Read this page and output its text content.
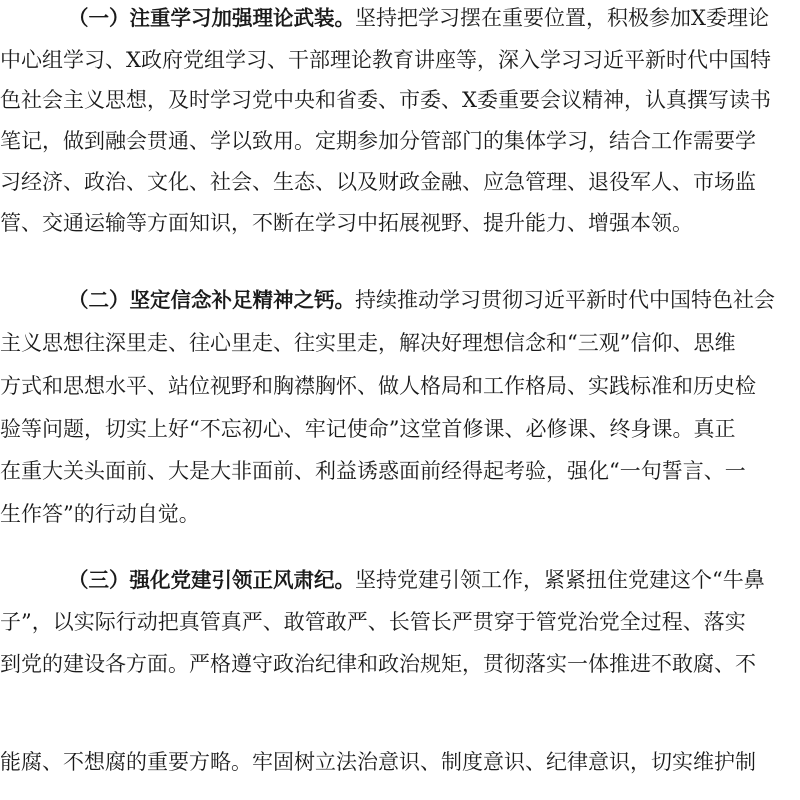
（一）注重学习加强理论武装。坚持把学习摆在重要位置，积极参加X委理论
中心组学习、X政府党组学习、干部理论教育讲座等，深入学习习近平新时代中国特
色社会主义思想，及时学习党中央和省委、市委、X委重要会议精神，认真撰写读书
笔记，做到融会贯通、学以致用。定期参加分管部门的集体学习，结合工作需要学
习经济、政治、文化、社会、生态、以及财政金融、应急管理、退役军人、市场监
管、交通运输等方面知识，不断在学习中拓展视野、提升能力、增强本领。
（二）坚定信念补足精神之钙。持续推动学习贯彻习近平新时代中国特色社会
主义思想往深里走、往心里走、往实里走，解决好理想信念和“三观”信仰、思维
方式和思想水平、站位视野和胸襟胸怀、做人格局和工作格局、实践标准和历史检
验等问题，切实上好“不忘初心、牢记使命”这堂首修课、必修课、终身课。真正
在重大关头面前、大是大非面前、利益诱惑面前经得起考验，强化“一句誓言、一
生作答”的行动自觉。
（三）强化党建引领正风肃纪。坚持党建引领工作，紧紧扭住党建这个“牛鼻
子”，以实际行动把真管真严、敢管敢严、长管长严贯穿于管党治党全过程、落实
到党的建设各方面。严格遵守政治纪律和政治规矩，贯彻落实一体推进不敢腐、不
能腐、不想腐的重要方略。牢固树立法治意识、制度意识、纪律意识，切实维护制
